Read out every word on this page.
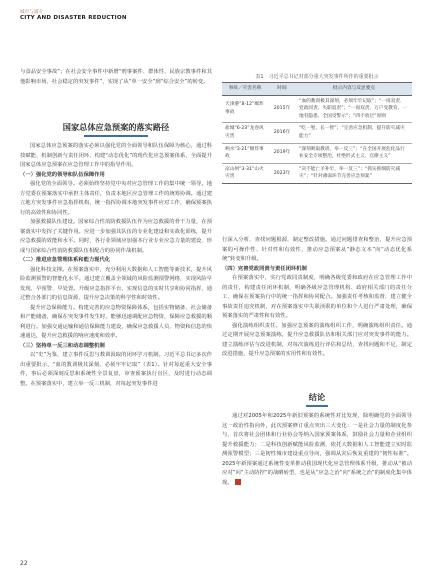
城市与减灾
CITY AND DISASTER REDUCTION

与食品安全事故”；在社会安全事件中新增“刑事案件、群体性、民族宗教事件和其他影响市场、社会稳定的突发事件”，实现了从“单一安全”到“综合安全”的转变。

国家总体应急预案的落实路径

国家总体应急预案的落实必须以强化党的全面领导和队伍保障为核心，通过科技赋能、机制创新与责任闭环，构建“动态优化”的现代化应急预案体系，全面提升国家总体应急预案在应急管理工作中的指导作用。

（一）强化党的领导和队伍保障作用

强化党的全面领导。必须始终坚持党中央对应急管理工作的集中统一领导。地方党委在预案落实中承担主体责任，负责本地区应急管理工作的统筹协调。通过建立地方突发事件应急指挥机构，统一指挥协调本地突发事件应对工作，确保预案执行的高效性和协同性。

加强救援队伍建设。国家综合性消防救援队伍作为应急救援的骨干力量，在预案落实中发挥了关键作用。应进一步加强其队伍的专业化建设和实战化训练，提升应急救援的效能和水平。同时，各行业领域应加强本行业专业应急力量的建设，形成与国家综合性消防救援队伍相配合的协同作战机制。

（二）推进应急管理体系和能力现代化

强化科技支撑。在预案落实中，充分利用大数据和人工智能等新技术，提升风险监测预警的智能化水平。通过建立覆盖全领域的风险监测预警网络，实现风险早发现、早预警、早处置。升级应急指挥平台，实现信息的实时共享和协同指挥，通过整合各部门的信息资源，提升应急决策的科学性和时效性。

提升应急保障能力。构建完善的应急物资保障体系，包括实物储备、社会储备和产能储备，确保在突发事件发生时，能够迅速调配应急物资，保障应急救援的顺利进行。加强交通运输和通信保障能力建设，确保应急救援人员、物资和信息的快速通达，提升应急救援的响应速度和效率。

（三）坚持单一反三和动态调整机制

以“史”为鉴，建立事件反思与教训汲取的闭环学习机制。习近平总书记多次作出重要批示，“血的教训极其深刻，必须牢牢记取”（表1）。针对每起重大安全事件，事后必须深刻反思和系统性全景复盘，审查预案执行盲区，及时进行动态调整。在预案落实中，建立举一反三机制，对每起突发事件进

表1　习近平总书记对部分重大突发事件所作的重要批示
事故／灾害名称	时间	批示内容与反思要点
天津港“8·12”爆炸事故	2015年	“血的教训极其深刻，必须牢牢记取”；“一岗双责、党政同责、失职追责”；“一岗双责、万户受教育，一地有隐患、全国受警示”；“四不放过”原则
盐城“6·23”龙卷风灾害	2016年	“吃一堑、长一智”；“完善应急机制，提升防灾减灾能力”
响水“3·21”爆炸事故	2019年	“深刻吸取教训，举一反三”；“在全国开展危化品行业安全专项整治，杜绝形式主义、官僚主义”
凉山州“3·31”山火灾害	2023年	“决不能亡羊补牢，举一反三”；“抓实抓细防灾减灾”；“针对薄弱环节完善应急预案”

行深入分析，查找问题根源，制定整改措施。通过问题排查和整治，提升应急预案的可操作性、针对性和有效性，推动应急预案从“静态文本”向“动态优化系统”转变和升级。

（四）完善党政同责与责任闭环机制

在预案落实中，实行党政同责制度，明确各级党委和政府在应急管理工作中的责任，构建责任闭环机制，明确各级应急管理机构、政府相关部门的责任分工，确保在预案执行中的统一指挥和协同配合。加强责任考核和监督，建立健全事故责任追究机制，对在预案落实中失职渎职的单位和个人进行严肃处理，确保预案落实的严肃性和有效性。

强化演练组织责任。加强应急预案的演练组织工作，明确演练组织责任。通过定期开展应急预案演练，提升应急救援队伍和相关部门应对突发事件的能力。建立演练评估与改进机制，对每次演练进行评估和总结，查找问题和不足，制定改进措施，提升应急预案的实用性和有效性。

结论

通过对2005年和2025年新旧预案的系统性对比发现，除明确党的全面领导这一政治性指向外，此次预案修订重点突出三大变化：一是社会力量的制度化参与，首次将社会团体和行业协会等纳入国家预案体系，鼓励社会力量和企业组织提升救援能力；二是科技创新赋能风险监测，依托大数据和人工智能建立实时监测预警模型；三是韧性城市建设重点导向，强调从灾后恢复重建的“韧性标准”。2025年新预案通过系统性变革推动我国现代化应急管理体系升级，推动从“被动应对”向“主动防控”的战略转型，也是从“应急之治”向“系统之治”的制度化集中体现。

22
